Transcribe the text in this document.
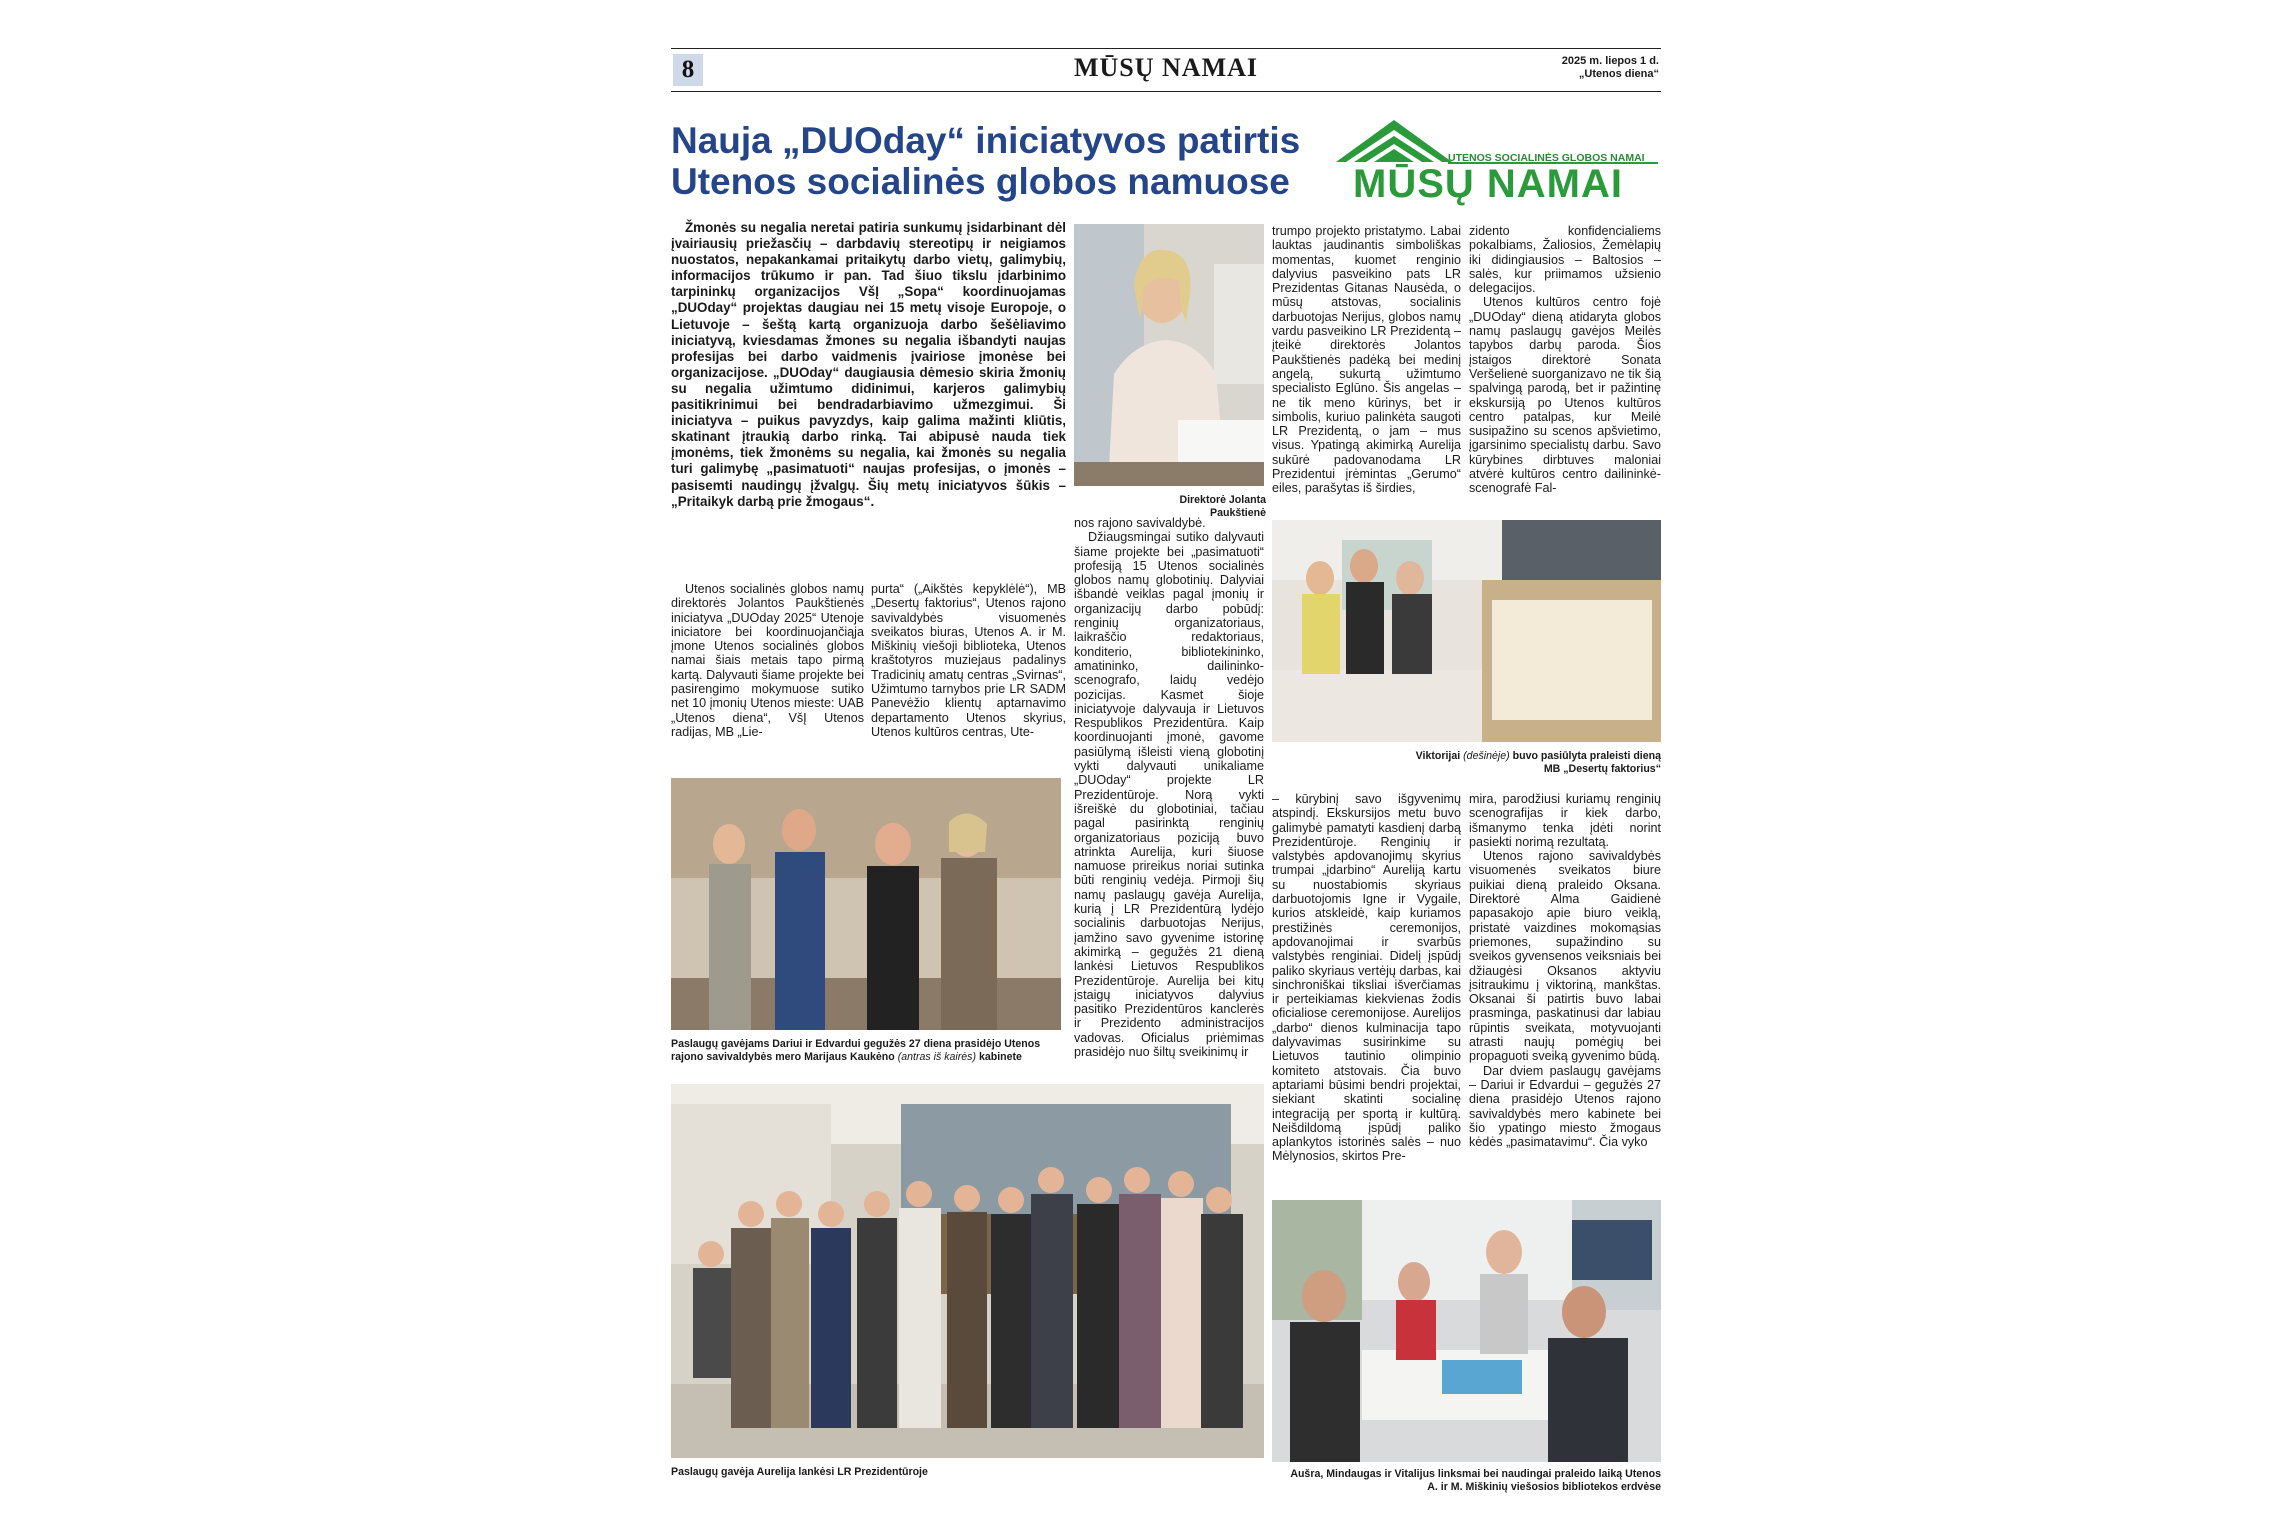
8	MŪSŲ NAMAI	2025 m. liepos 1 d.
„Utenos diena“
Nauja „DUOday“ iniciatyvos patirtis
Utenos socialinės globos namuose
UTENOS SOCIALINĖS GLOBOS NAMAI
MŪSŲ NAMAI

Žmonės su negalia neretai patiria sunkumų įsidarbinant dėl įvairiausių priežasčių – darbdavių stereotipų ir neigiamos nuostatos, nepakankamai pritaikytų darbo vietų, galimybių, informacijos trūkumo ir pan. Tad šiuo tikslu įdarbinimo tarpininkų organizacijos VšĮ „Sopa“ koordinuojamas „DUOday“ projektas daugiau nei 15 metų visoje Europoje, o Lietuvoje – šeštą kartą organizuoja darbo šešėliavimo iniciatyvą, kviesdamas žmones su negalia išbandyti naujas profesijas bei darbo vaidmenis įvairiose įmonėse bei organizacijose. „DUOday“ daugiausia dėmesio skiria žmonių su negalia užimtumo didinimui, karjeros galimybių pasitikrinimui bei bendradarbiavimo užmezgimui. Ši iniciatyva – puikus pavyzdys, kaip galima mažinti kliūtis, skatinant įtraukią darbo rinką. Tai abipusė nauda tiek įmonėms, tiek žmonėms su negalia, kai žmonės su negalia turi galimybę „pasimatuoti“ naujas profesijas, o įmonės – pasisemti naudingų įžvalgų. Šių metų iniciatyvos šūkis – „Pritaikyk darbą prie žmogaus“.

Utenos socialinės globos namų direktorės Jolantos Paukštienės iniciatyva „DUOday 2025“ Utenoje iniciatore bei koordinuojančiąja įmone Utenos socialinės globos namai šiais metais tapo pirmą kartą. Dalyvauti šiame projekte bei pasirengimo mokymuose sutiko net 10 įmonių Utenos mieste: UAB „Utenos diena“, VšĮ Utenos radijas, MB „Lie-

purta“ („Aikštės kepyklėlė“), MB „Desertų faktorius“, Utenos rajono savivaldybės visuomenės sveikatos biuras, Utenos A. ir M. Miškinių viešoji biblioteka, Utenos kraštotyros muziejaus padalinys Tradicinių amatų centras „Svirnas“, Užimtumo tarnybos prie LR SADM Panevėžio klientų aptarnavimo departamento Utenos skyrius, Utenos kultūros centras, Ute-

Direktorė Jolanta Paukštienė

nos rajono savivaldybė.

Džiaugsmingai sutiko dalyvauti šiame projekte bei „pasimatuoti“ profesiją 15 Utenos socialinės globos namų globotinių. Dalyviai išbandė veiklas pagal įmonių ir organizacijų darbo pobūdį: renginių organizatoriaus, laikraščio redaktoriaus, konditerio, bibliotekininko, amatininko, dailininko-scenografo, laidų vedėjo pozicijas. Kasmet šioje iniciatyvoje dalyvauja ir Lietuvos Respublikos Prezidentūra. Kaip koordinuojanti įmonė, gavome pasiūlymą išleisti vieną globotinį vykti dalyvauti unikaliame „DUOday“ projekte LR Prezidentūroje. Norą vykti išreiškė du globotiniai, tačiau pagal pasirinktą renginių organizatoriaus poziciją buvo atrinkta Aurelija, kuri šiuose namuose prireikus noriai sutinka būti renginių vedėja. Pirmoji šių namų paslaugų gavėja Aurelija, kurią į LR Prezidentūrą lydėjo socialinis darbuotojas Nerijus, įamžino savo gyvenime istorinę akimirką – gegužės 21 dieną lankėsi Lietuvos Respublikos Prezidentūroje. Aurelija bei kitų įstaigų iniciatyvos dalyvius pasitiko Prezidentūros kanclerės ir Prezidento administracijos vadovas. Oficialus priėmimas prasidėjo nuo šiltų sveikinimų ir

trumpo projekto pristatymo. Labai lauktas jaudinantis simboliškas momentas, kuomet renginio dalyvius pasveikino pats LR Prezidentas Gitanas Nausėda, o mūsų atstovas, socialinis darbuotojas Nerijus, globos namų vardu pasveikino LR Prezidentą – įteikė direktorės Jolantos Paukštienės padėką bei medinį angelą, sukurtą užimtumo specialisto Eglūno. Šis angelas – ne tik meno kūrinys, bet ir simbolis, kuriuo palinkėta saugoti LR Prezidentą, o jam – mus visus. Ypatingą akimirką Aurelija sukūrė padovanodama LR Prezidentui įrėmintas „Gerumo“ eiles, parašytas iš širdies,

zidento konfidencialiems pokalbiams, Žaliosios, Žemėlapių iki didingiausios – Baltosios – salės, kur priimamos užsienio delegacijos.

Utenos kultūros centro fojė „DUOday“ dieną atidaryta globos namų paslaugų gavėjos Meilės tapybos darbų paroda. Šios įstaigos direktorė Sonata Veršelienė suorganizavo ne tik šią spalvingą parodą, bet ir pažintinę ekskursiją po Utenos kultūros centro patalpas, kur Meilė susipažino su scenos apšvietimo, įgarsinimo specialistų darbu. Savo kūrybines dirbtuves maloniai atvėrė kultūros centro dailininkė-scenografė Fal-

Viktorijai (dešinėje) buvo pasiūlyta praleisti dieną
MB „Desertų faktorius“

– kūrybinį savo išgyvenimų atspindį. Ekskursijos metu buvo galimybė pamatyti kasdienį darbą Prezidentūroje. Renginių ir valstybės apdovanojimų skyrius trumpai „įdarbino“ Aureliją kartu su nuostabiomis skyriaus darbuotojomis Igne ir Vygaile, kurios atskleidė, kaip kuriamos prestižinės ceremonijos, apdovanojimai ir svarbūs valstybės renginiai. Didelį įspūdį paliko skyriaus vertėjų darbas, kai sinchroniškai tiksliai išverčiamas ir perteikiamas kiekvienas žodis oficialiose ceremonijose. Aurelijos „darbo“ dienos kulminacija tapo dalyvavimas susirinkime su Lietuvos tautinio olimpinio komiteto atstovais. Čia buvo aptariami būsimi bendri projektai, siekiant skatinti socialinę integraciją per sportą ir kultūrą. Neišdildomą įspūdį paliko aplankytos istorinės salės – nuo Mėlynosios, skirtos Pre-

mira, parodžiusi kuriamų renginių scenografijas ir kiek darbo, išmanymo tenka įdėti norint pasiekti norimą rezultatą.

Utenos rajono savivaldybės visuomenės sveikatos biure puikiai dieną praleido Oksana. Direktorė Alma Gaidienė papasakojo apie biuro veiklą, pristatė vaizdines mokomąsias priemones, supažindino su sveikos gyvensenos veiksniais bei džiaugėsi Oksanos aktyviu įsitraukimu į viktoriną, mankštas. Oksanai ši patirtis buvo labai prasminga, paskatinusi dar labiau rūpintis sveikata, motyvuojanti atrasti naujų pomėgių bei propaguoti sveiką gyvenimo būdą.

Dar dviem paslaugų gavėjams – Dariui ir Edvardui – gegužės 27 diena prasidėjo Utenos rajono savivaldybės mero kabinete bei šio ypatingo miesto žmogaus kėdės „pasimatavimu“. Čia vyko

Paslaugų gavėjams Dariui ir Edvardui gegužės 27 diena prasidėjo Utenos
rajono savivaldybės mero Marijaus Kaukėno (antras iš kairės) kabinete
Paslaugų gavėja Aurelija lankėsi LR Prezidentūroje	Aušra, Mindaugas ir Vitalijus linksmai bei naudingai praleido laiką Utenos
A. ir M. Miškinių viešosios bibliotekos erdvėse
